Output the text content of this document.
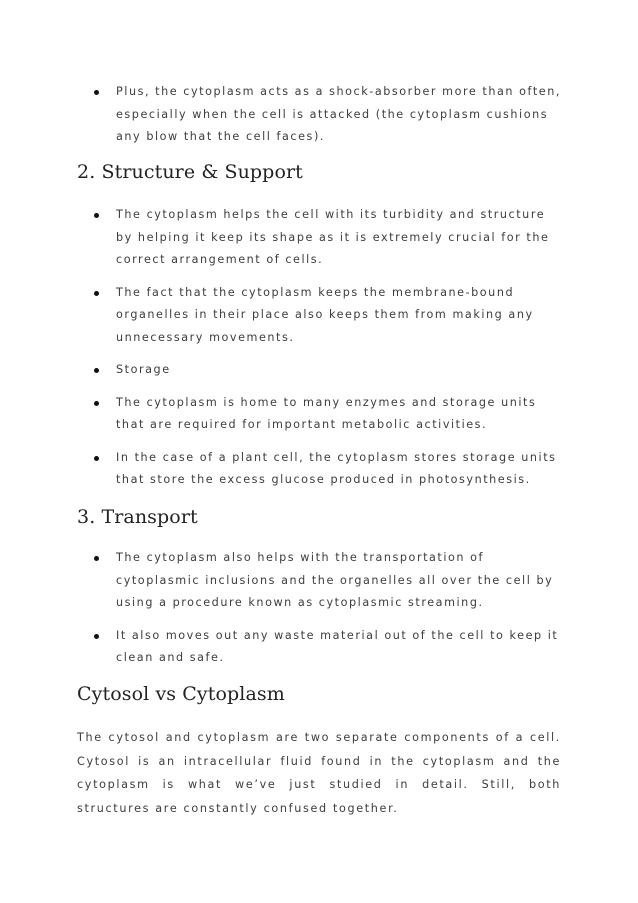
Plus, the cytoplasm acts as a shock-absorber more than often, especially when the cell is attacked (the cytoplasm cushions any blow that the cell faces).
2. Structure & Support
The cytoplasm helps the cell with its turbidity and structure by helping it keep its shape as it is extremely crucial for the correct arrangement of cells.
The fact that the cytoplasm keeps the membrane-bound organelles in their place also keeps them from making any unnecessary movements.
Storage
The cytoplasm is home to many enzymes and storage units that are required for important metabolic activities.
In the case of a plant cell, the cytoplasm stores storage units that store the excess glucose produced in photosynthesis.
3. Transport
The cytoplasm also helps with the transportation of cytoplasmic inclusions and the organelles all over the cell by using a procedure known as cytoplasmic streaming.
It also moves out any waste material out of the cell to keep it clean and safe.
Cytosol vs Cytoplasm

The cytosol and cytoplasm are two separate components of a cell. Cytosol is an intracellular fluid found in the cytoplasm and the cytoplasm is what we’ve just studied in detail. Still, both structures are constantly confused together.
